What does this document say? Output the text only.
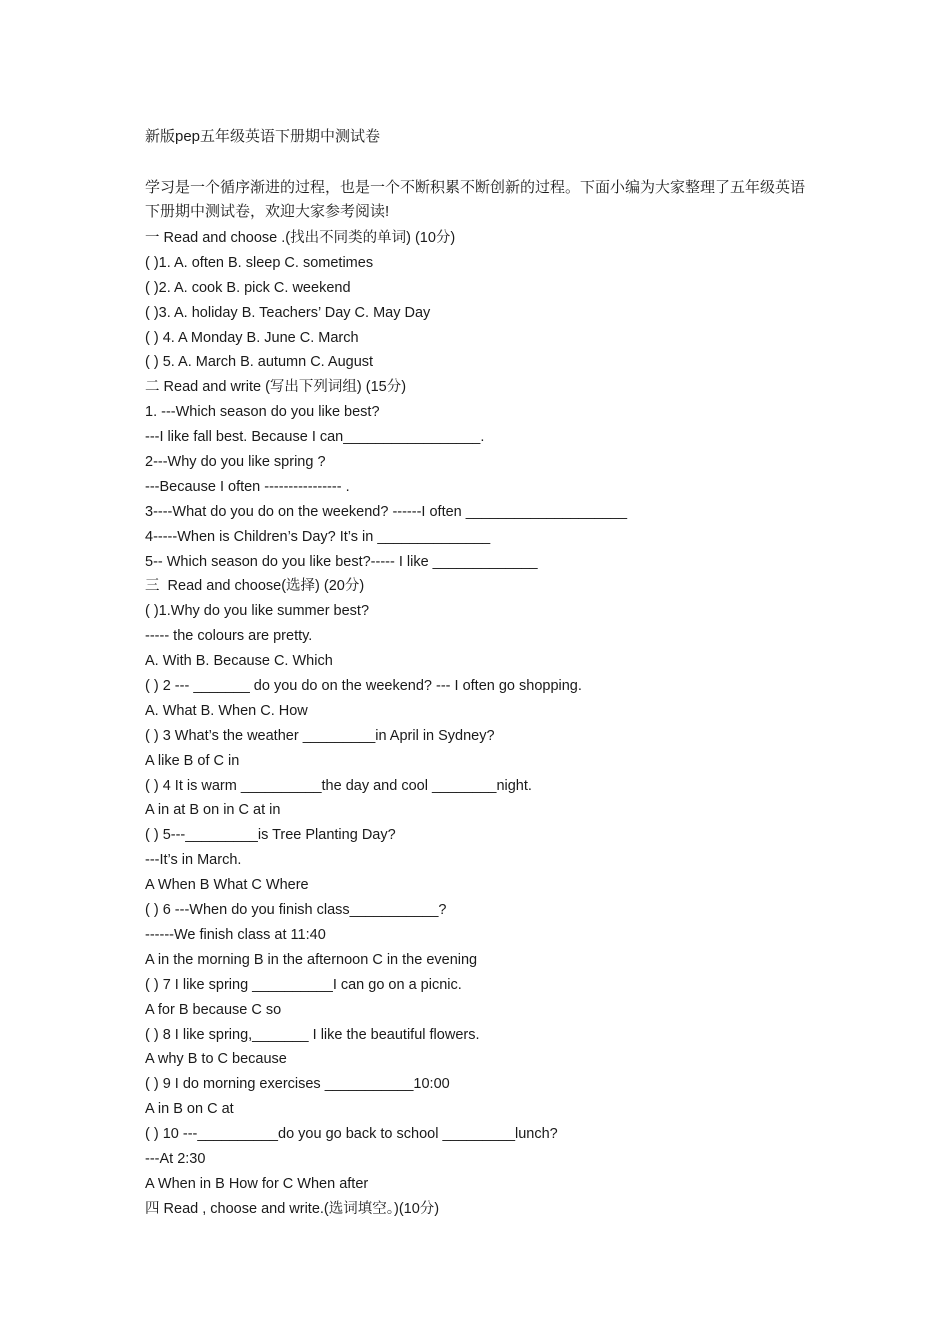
新版pep五年级英语下册期中测试卷

学习是一个循序渐进的过程，也是一个不断积累不断创新的过程。下面小编为大家整理了五年级英语下册期中测试卷，欢迎大家参考阅读!

一 Read and choose .(找出不同类的单词) (10分)
( )1. A. often B. sleep C. sometimes
( )2. A. cook B. pick C. weekend
( )3. A. holiday B. Teachers’ Day C. May Day
( ) 4. A Monday B. June C. March
( ) 5. A. March B. autumn C. August
二 Read and write (写出下列词组) (15分)
1. ---Which season do you like best?
---I like fall best. Because I can_________________.
2---Why do you like spring ?
---Because I often ---------------- .
3----What do you do on the weekend? ------I often ____________________
4-----When is Children’s Day? It’s in ______________
5-- Which season do you like best?----- I like _____________
三  Read and choose(选择) (20分)
( )1.Why do you like summer best?
----- the colours are pretty.
A. With B. Because C. Which
( ) 2 --- _______ do you do on the weekend? --- I often go shopping.
A. What B. When C. How
( ) 3 What’s the weather _________in April in Sydney?
A like B of C in
( ) 4 It is warm __________the day and cool ________night.
A in at B on in C at in
( ) 5---_________is Tree Planting Day?
---It’s in March.
A When B What C Where
( ) 6 ---When do you finish class___________?
------We finish class at 11:40
A in the morning B in the afternoon C in the evening
( ) 7 I like spring __________I can go on a picnic.
A for B because C so
( ) 8 I like spring,_______ I like the beautiful flowers.
A why B to C because
( ) 9 I do morning exercises ___________10:00
A in B on C at
( ) 10 ---__________do you go back to school _________lunch?
---At 2:30
A When in B How for C When after
四 Read , choose and write.(选词填空。)(10分)
